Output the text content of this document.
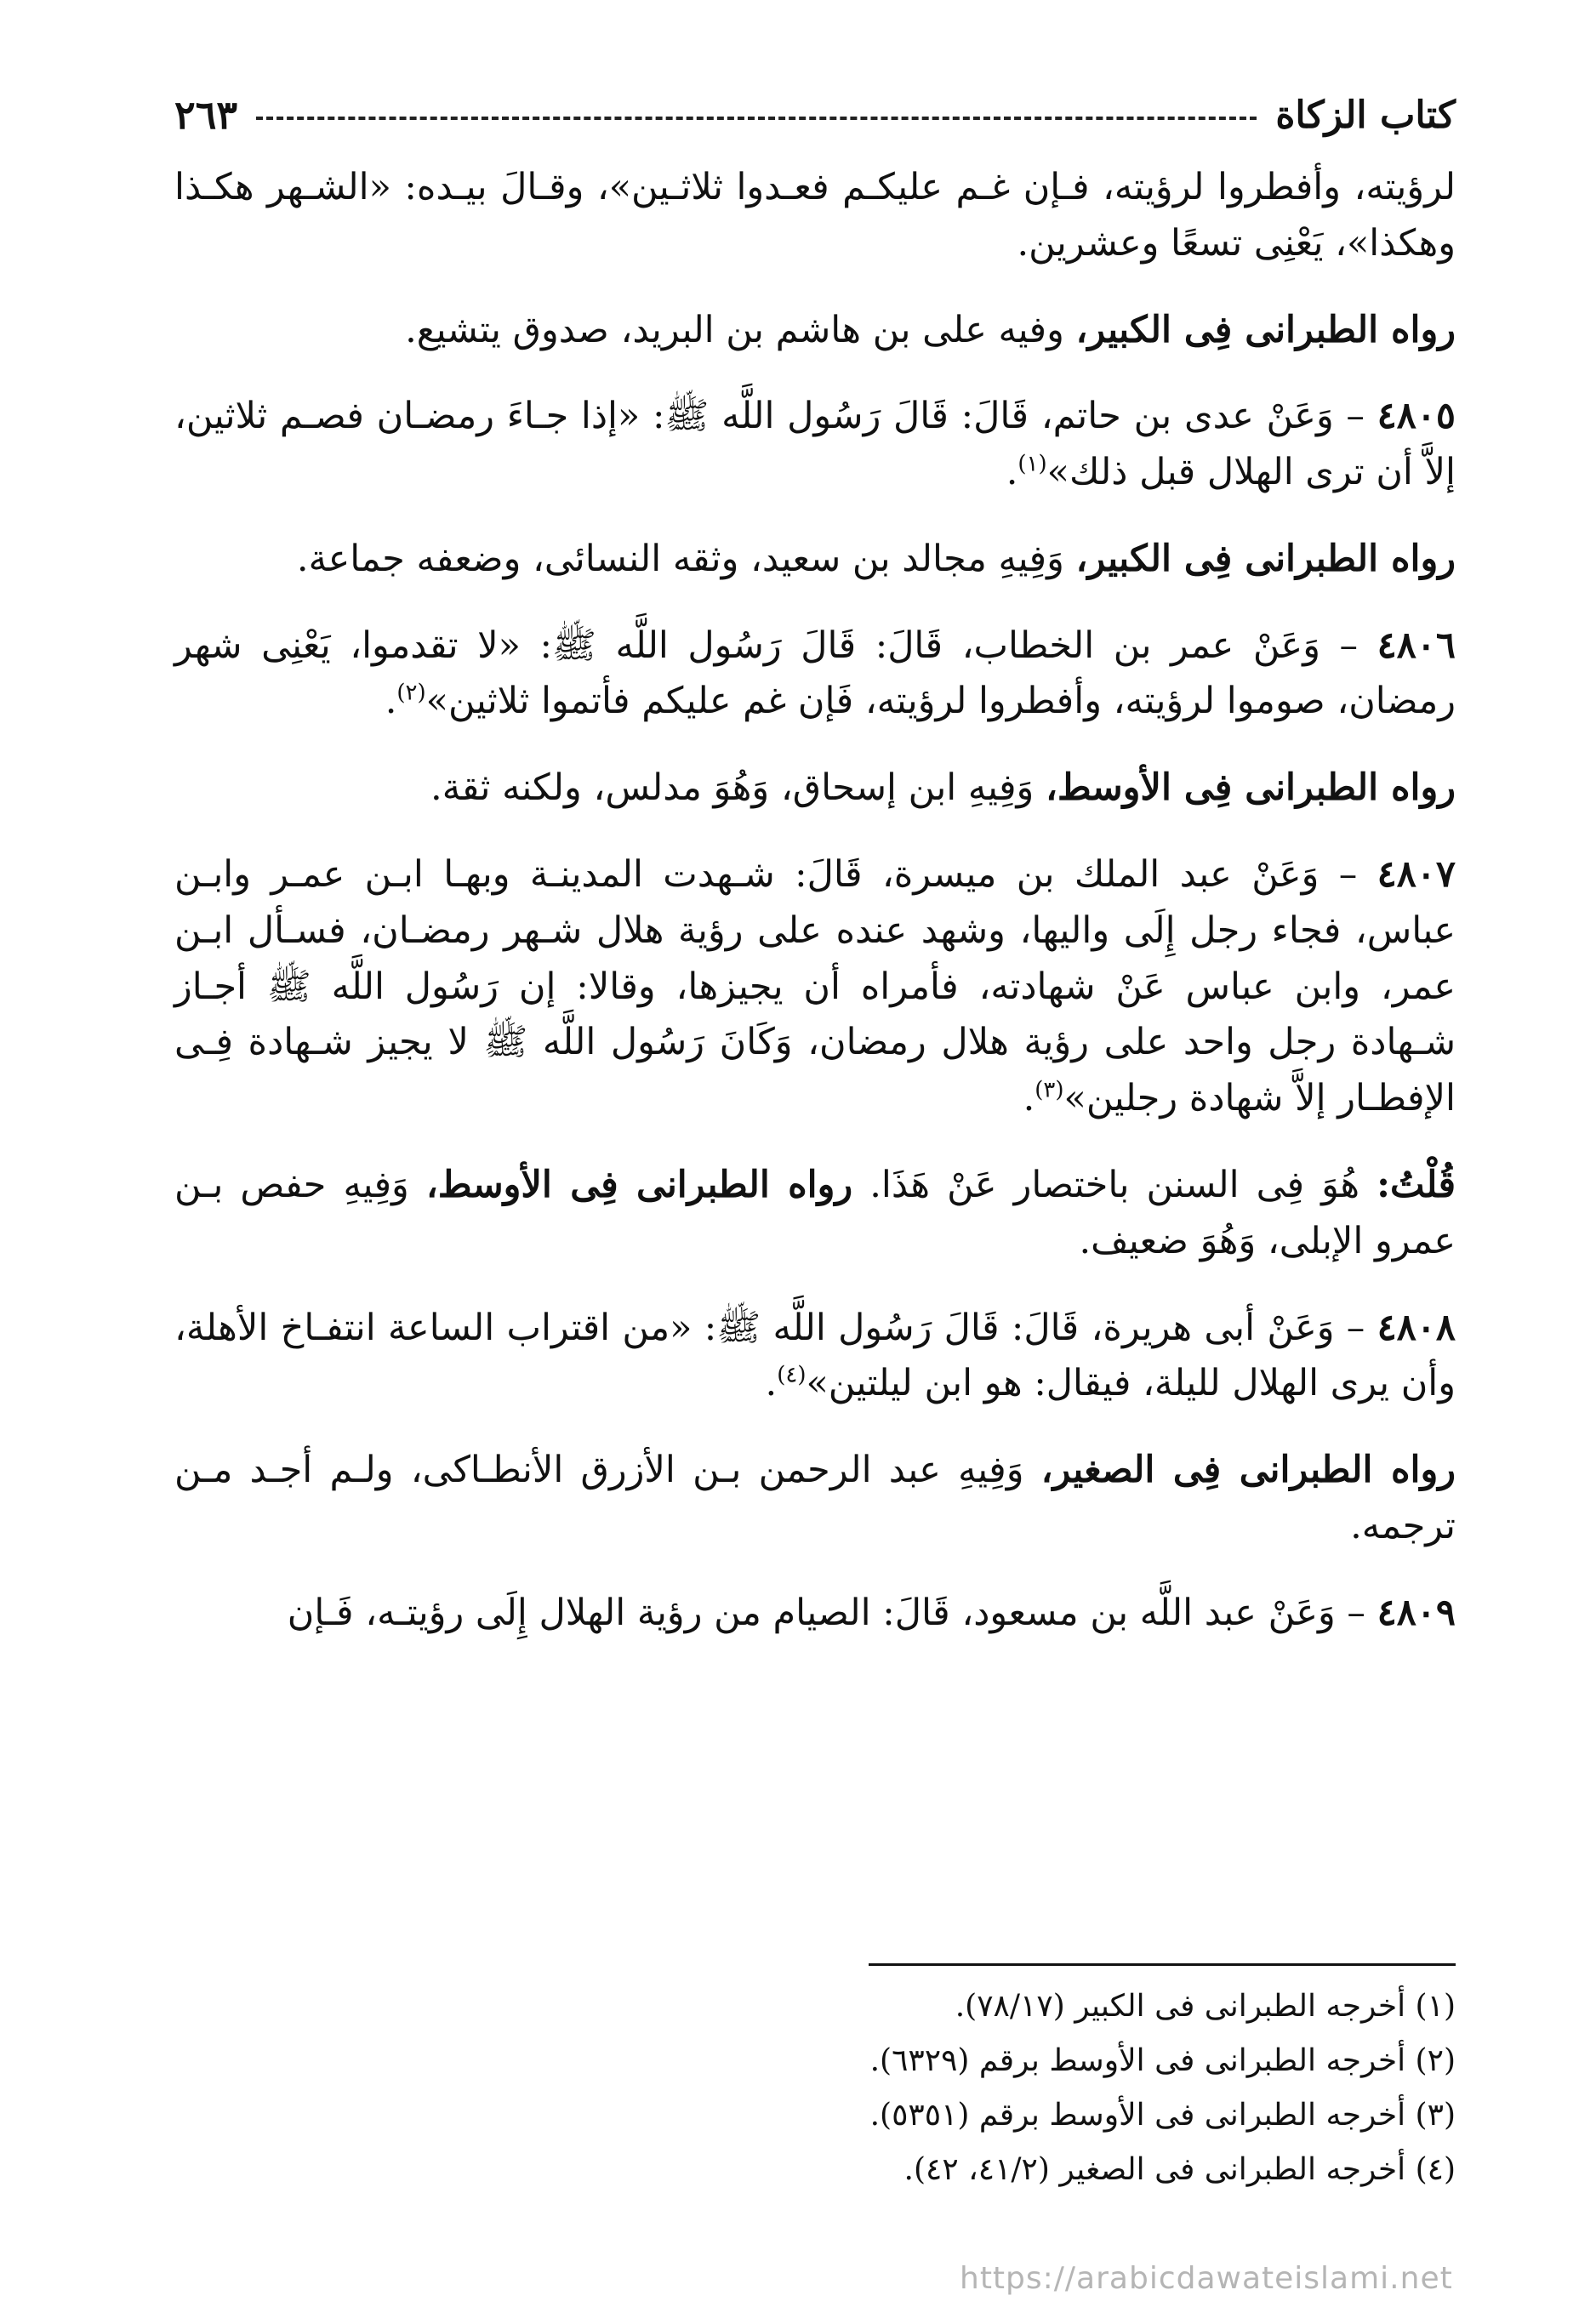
كتاب الزكاة
٢٦٣

لرؤيته، وأفطروا لرؤيته، فـإن غـم عليكـم فعـدوا ثلاثـين»، وقـالَ بيـده: «الشـهر هكـذا وهكذا»، يَعْنِى تسعًا وعشرين.

رواه الطبرانى فِى الكبير، وفيه على بن هاشم بن البريد، صدوق يتشيع.

٤٨٠٥ – وَعَنْ عدى بن حاتم، قَالَ: قَالَ رَسُول اللَّه ﷺ: «إذا جـاءَ رمضـان فصـم ثلاثين، إلاَّ أن ترى الهلال قبل ذلك»$^{(١)}$.

رواه الطبرانى فِى الكبير، وَفِيهِ مجالد بن سعيد، وثقه النسائى، وضعفه جماعة.

٤٨٠٦ – وَعَنْ عمر بن الخطاب، قَالَ: قَالَ رَسُول اللَّه ﷺ: «لا تقدموا، يَعْنِى شهر رمضان، صوموا لرؤيته، وأفطروا لرؤيته، فَإن غم عليكم فأتموا ثلاثين»$^{(٢)}$.

رواه الطبرانى فِى الأوسط، وَفِيهِ ابن إسحاق، وَهُوَ مدلس، ولكنه ثقة.

٤٨٠٧ – وَعَنْ عبد الملك بن ميسرة، قَالَ: شـهدت المدينـة وبهـا ابـن عمـر وابـن عباس، فجاء رجل إِلَى واليها، وشهد عنده على رؤية هلال شـهر رمضـان، فسـأل ابـن عمر، وابن عباس عَنْ شهادته، فأمراه أن يجيزها، وقالا: إن رَسُول اللَّه ﷺ أجـاز شـهادة رجل واحد على رؤية هلال رمضان، وَكَانَ رَسُول اللَّه ﷺ لا يجيز شـهادة فِـى الإفطـار إلاَّ شهادة رجلين»$^{(٣)}$.

قُلْتُ: هُوَ فِى السنن باختصار عَنْ هَذَا. رواه الطبرانى فِى الأوسط، وَفِيهِ حفص بـن عمرو الإبلى، وَهُوَ ضعيف.

٤٨٠٨ – وَعَنْ أبى هريرة، قَالَ: قَالَ رَسُول اللَّه ﷺ: «من اقتراب الساعة انتفـاخ الأهلة، وأن يرى الهلال لليلة، فيقال: هو ابن ليلتين»$^{(٤)}$.

رواه الطبرانى فِى الصغير، وَفِيهِ عبد الرحمن بـن الأزرق الأنطـاكى، ولـم أجـد مـن ترجمه.

٤٨٠٩ – وَعَنْ عبد اللَّه بن مسعود، قَالَ: الصيام من رؤية الهلال إِلَى رؤيتـه، فَـإن

(١) أخرجه الطبرانى فى الكبير (٧٨/١٧).
(٢) أخرجه الطبرانى فى الأوسط برقم (٦٣٢٩).
(٣) أخرجه الطبرانى فى الأوسط برقم (٥٣٥١).
(٤) أخرجه الطبرانى فى الصغير (٤١/٢، ٤٢).
https://arabicdawateislami.net
